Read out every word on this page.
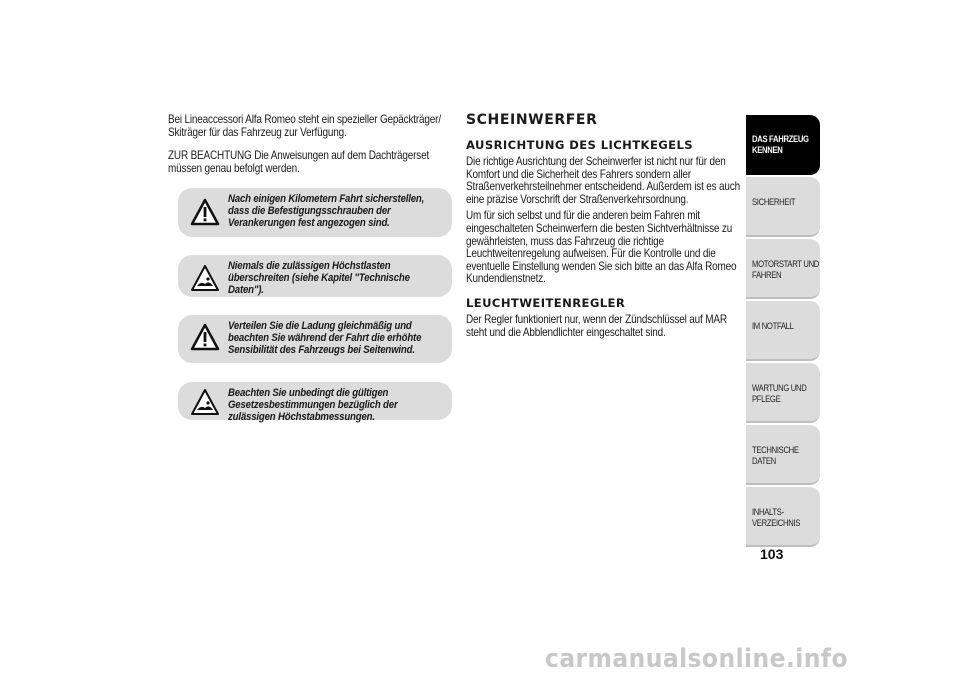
Bei Lineaccessori Alfa Romeo steht ein spezieller Gepäckträger/ Skiträger für das Fahrzeug zur Verfügung.

ZUR BEACHTUNG Die Anweisungen auf dem Dachträgerset müssen genau befolgt werden.

Nach einigen Kilometern Fahrt sicherstellen, dass die Befestigungsschrauben der Verankerungen fest angezogen sind.
Niemals die zulässigen Höchstlasten überschreiten (siehe Kapitel "Technische Daten").
Verteilen Sie die Ladung gleichmäßig und beachten Sie während der Fahrt die erhöhte Sensibilität des Fahrzeugs bei Seitenwind.
Beachten Sie unbedingt die gültigen Gesetzesbestimmungen bezüglich der zulässigen Höchstabmessungen.
SCHEINWERFER
AUSRICHTUNG DES LICHTKEGELS

Die richtige Ausrichtung der Scheinwerfer ist nicht nur für den Komfort und die Sicherheit des Fahrers sondern aller Straßenverkehrsteilnehmer entscheidend. Außerdem ist es auch eine präzise Vorschrift der Straßenverkehrsordnung.

Um für sich selbst und für die anderen beim Fahren mit eingeschalteten Scheinwerfern die besten Sichtverhältnisse zu gewährleisten, muss das Fahrzeug die richtige Leuchtweitenregelung aufweisen. Für die Kontrolle und die eventuelle Einstellung wenden Sie sich bitte an das Alfa Romeo Kundendienstnetz.

LEUCHTWEITENREGLER

Der Regler funktioniert nur, wenn der Zündschlüssel auf MAR steht und die Abblendlichter eingeschaltet sind.

DAS FAHRZEUG
KENNEN
SICHERHEIT
MOTORSTART UND
FAHREN
IM NOTFALL
WARTUNG UND
PFLEGE
TECHNISCHE DATEN
INHALTS-
VERZEICHNIS
103
carmanualsonline.info
